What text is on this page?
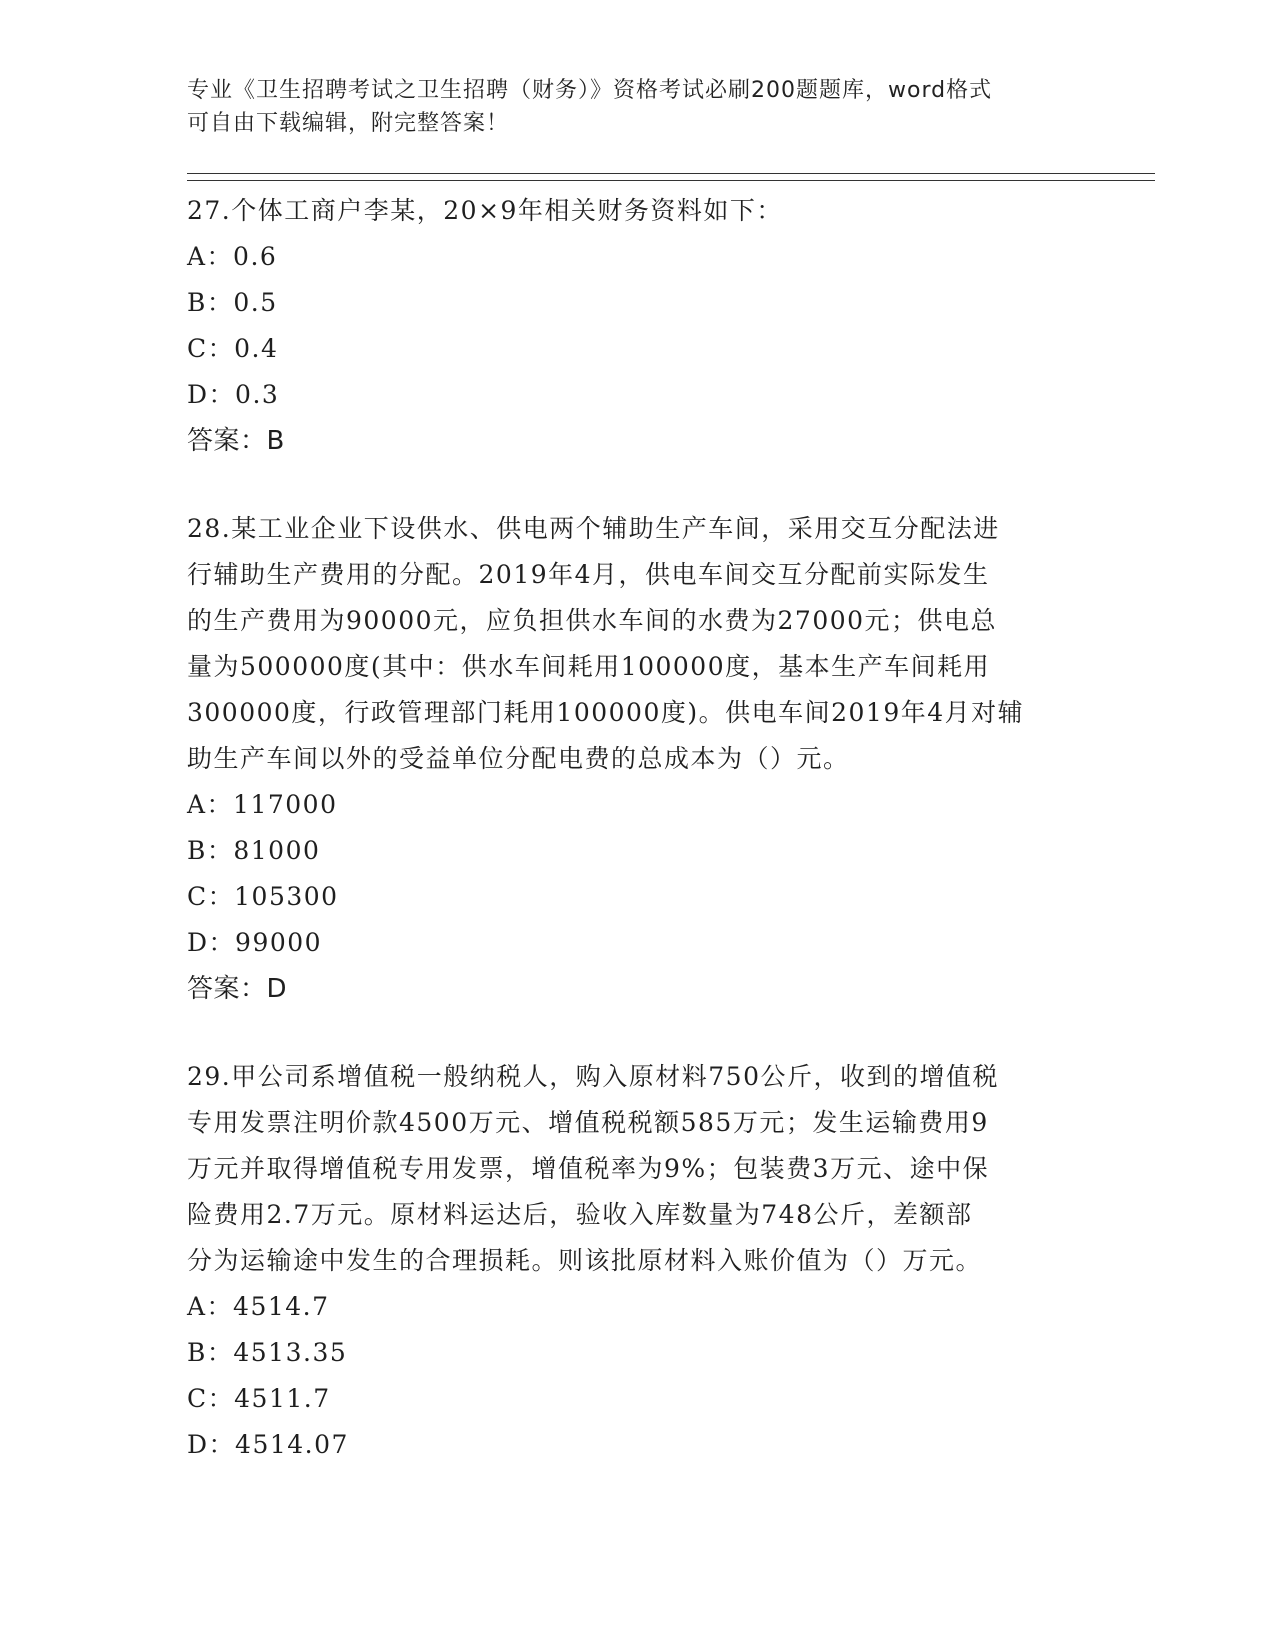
专业《卫生招聘考试之卫生招聘（财务）》资格考试必刷200题题库，word格式
可自由下载编辑，附完整答案！
27.个体工商户李某，20×9年相关财务资料如下：
A：0.6
B：0.5
C：0.4
D：0.3
答案：B
28.某工业企业下设供水、供电两个辅助生产车间，采用交互分配法进
行辅助生产费用的分配。2019年4月，供电车间交互分配前实际发生
的生产费用为90000元，应负担供水车间的水费为27000元；供电总
量为500000度(其中：供水车间耗用100000度，基本生产车间耗用
300000度，行政管理部门耗用100000度)。供电车间2019年4月对辅
助生产车间以外的受益单位分配电费的总成本为（）元。
A：117000
B：81000
C：105300
D：99000
答案：D
29.甲公司系增值税一般纳税人，购入原材料750公斤，收到的增值税
专用发票注明价款4500万元、增值税税额585万元；发生运输费用9
万元并取得增值税专用发票，增值税率为9%；包装费3万元、途中保
险费用2.7万元。原材料运达后，验收入库数量为748公斤，差额部
分为运输途中发生的合理损耗。则该批原材料入账价值为（）万元。
A：4514.7
B：4513.35
C：4511.7
D：4514.07
